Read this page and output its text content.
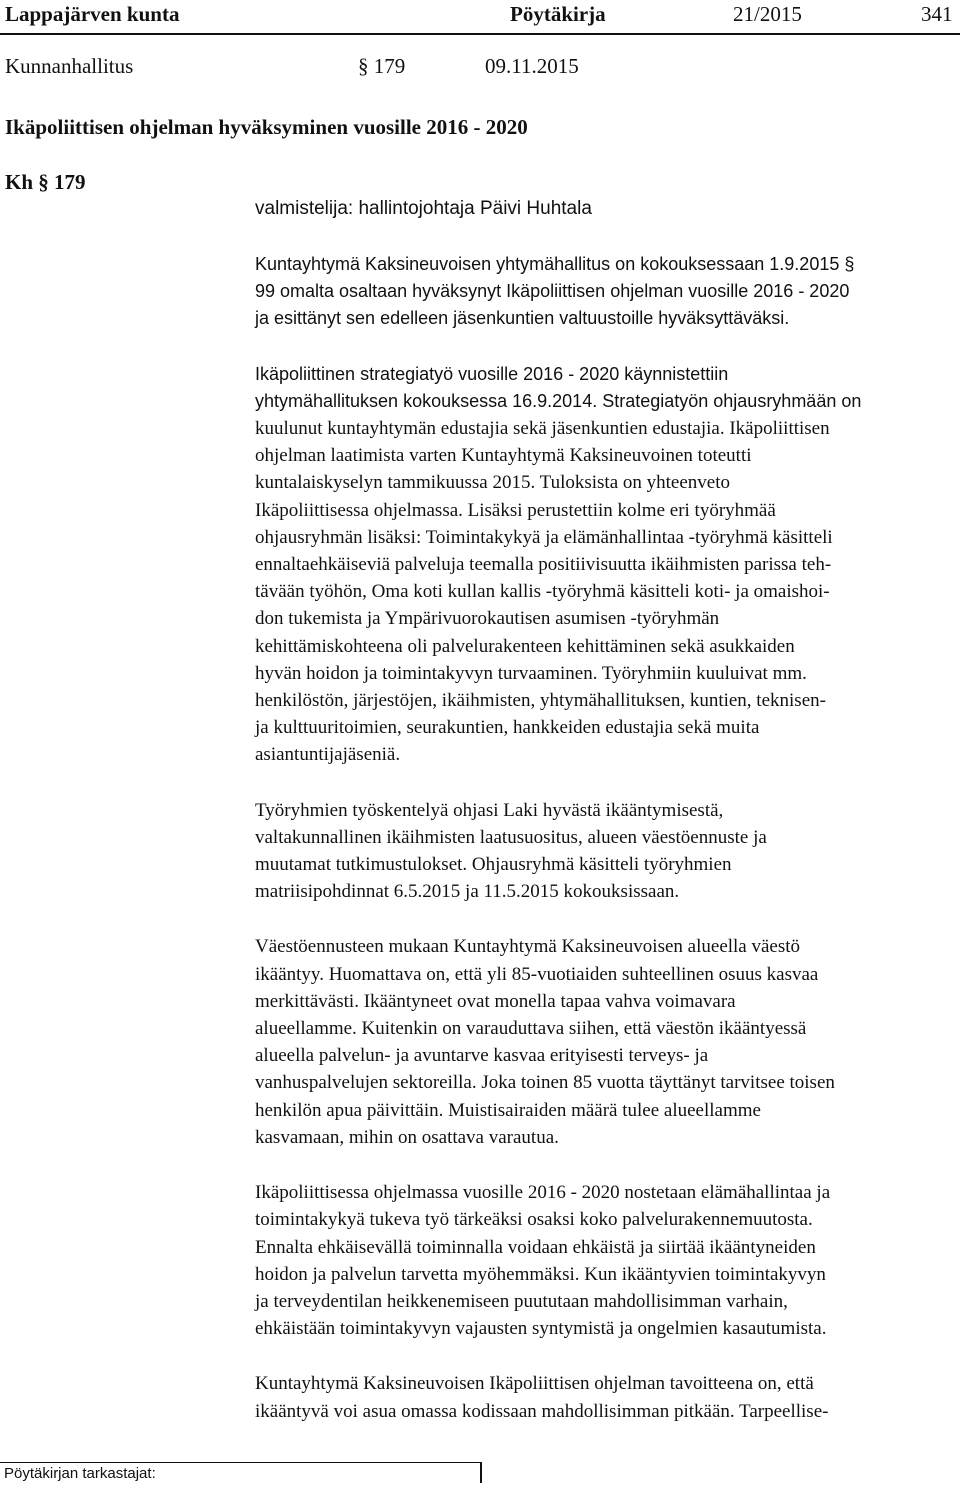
Lappajärven kunta	Pöytäkirja	21/2015	341
Kunnanhallitus	§ 179	09.11.2015
Ikäpoliittisen ohjelman hyväksyminen vuosille 2016 - 2020
Kh § 179
valmistelija: hallintojohtaja Päivi Huhtala

Kuntayhtymä Kaksineuvoisen yhtymähallitus on kokouksessaan 1.9.2015 §
99 omalta osaltaan hyväksynyt Ikäpoliittisen ohjelman vuosille 2016 - 2020
ja esittänyt sen edelleen jäsenkuntien valtuustoille hyväksyttäväksi.

Ikäpoliittinen strategiatyö vuosille 2016 - 2020 käynnistettiin
yhtymähallituksen kokouksessa 16.9.2014. Strategiatyön ohjausryhmään on
kuulunut kuntayhtymän edustajia sekä jäsenkuntien edustajia. Ikäpoliittisen
ohjelman laatimista varten Kuntayhtymä Kaksineuvoinen toteutti
kuntalaiskyselyn tammikuussa 2015. Tuloksista on yhteenveto
Ikäpoliittisessa ohjelmassa. Lisäksi perustettiin kolme eri työryhmää
ohjausryhmän lisäksi: Toimintakykyä ja elämänhallintaa -työryhmä käsitteli
ennaltaehkäiseviä palveluja teemalla positiivisuutta ikäihmisten parissa teh-
tävään työhön, Oma koti kullan kallis -työryhmä käsitteli koti- ja omaishoi-
don tukemista ja Ympärivuorokautisen asumisen -työryhmän
kehittämiskohteena oli palvelurakenteen kehittäminen sekä asukkaiden
hyvän hoidon ja toimintakyvyn turvaaminen. Työryhmiin kuuluivat mm.
henkilöstön, järjestöjen, ikäihmisten, yhtymähallituksen, kuntien, teknisen-
ja kulttuuritoimien, seurakuntien, hankkeiden edustajia sekä muita
asiantuntijajäseniä.

Työryhmien työskentelyä ohjasi Laki hyvästä ikääntymisestä,
valtakunnallinen ikäihmisten laatusuositus, alueen väestöennuste ja
muutamat tutkimustulokset. Ohjausryhmä käsitteli työryhmien
matriisipohdinnat 6.5.2015 ja 11.5.2015 kokouksissaan.

Väestöennusteen mukaan Kuntayhtymä Kaksineuvoisen alueella väestö
ikääntyy. Huomattava on, että yli 85-vuotiaiden suhteellinen osuus kasvaa
merkittävästi. Ikääntyneet ovat monella tapaa vahva voimavara
alueellamme. Kuitenkin on varauduttava siihen, että väestön ikääntyessä
alueella palvelun- ja avuntarve kasvaa erityisesti terveys- ja
vanhuspalvelujen sektoreilla. Joka toinen 85 vuotta täyttänyt tarvitsee toisen
henkilön apua päivittäin. Muistisairaiden määrä tulee alueellamme
kasvamaan, mihin on osattava varautua.

Ikäpoliittisessa ohjelmassa vuosille 2016 - 2020 nostetaan elämähallintaa ja
toimintakykyä tukeva työ tärkeäksi osaksi koko palvelurakennemuutosta.
Ennalta ehkäisevällä toiminnalla voidaan ehkäistä ja siirtää ikääntyneiden
hoidon ja palvelun tarvetta myöhemmäksi. Kun ikääntyvien toimintakyvyn
ja terveydentilan heikkenemiseen puututaan mahdollisimman varhain,
ehkäistään toimintakyvyn vajausten syntymistä ja ongelmien kasautumista.

Kuntayhtymä Kaksineuvoisen Ikäpoliittisen ohjelman tavoitteena on, että
ikääntyvä voi asua omassa kodissaan mahdollisimman pitkään. Tarpeellise-

Pöytäkirjan tarkastajat:
